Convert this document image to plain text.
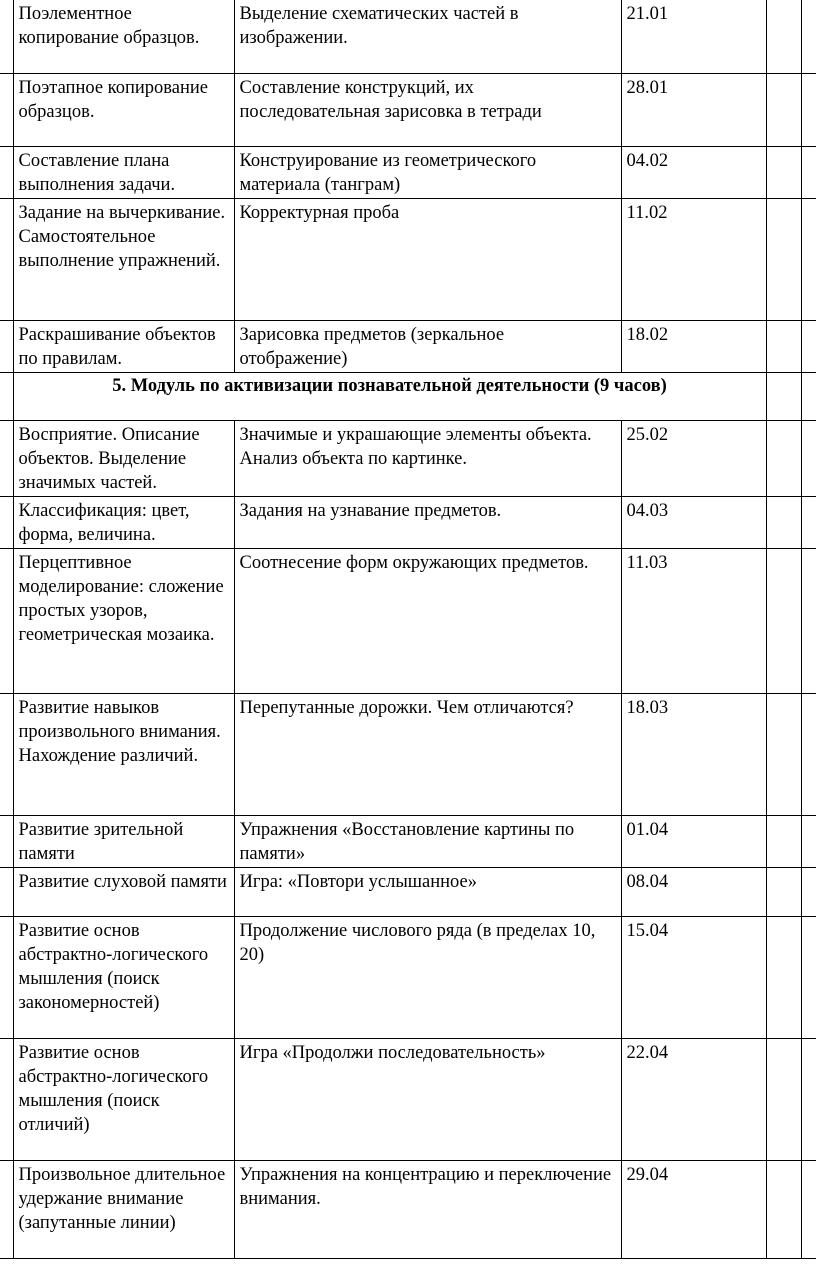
	Поэлементное копирование образцов.	Выделение схематических частей в изображении.	21.01		
	Поэтапное копирование образцов.	Составление конструкций, их последовательная зарисовка в тетради	28.01		
	Составление плана выполнения задачи.	Конструирование из геометрического материала (танграм)	04.02		
	Задание на вычеркивание. Самостоятельное выполнение упражнений.	Корректурная проба	11.02		
	Раскрашивание объектов по правилам.	Зарисовка предметов (зеркальное отображение)	18.02		
	5. Модуль по активизации познавательной деятельности (9 часов)				
	Восприятие. Описание объектов. Выделение значимых частей.	Значимые и украшающие элементы объекта. Анализ объекта по картинке.	25.02		
	Классификация: цвет, форма, величина.	Задания на узнавание предметов.	04.03		
	Перцептивное моделирование: сложение простых узоров, геометрическая мозаика.	Соотнесение форм окружающих предметов.	11.03		
	Развитие навыков произвольного внимания. Нахождение различий.	Перепутанные дорожки. Чем отличаются?	18.03		
	Развитие зрительной памяти	Упражнения «Восстановление картины по памяти»	01.04		
	Развитие слуховой памяти	Игра: «Повтори услышанное»	08.04		
	Развитие основ абстрактно-логического мышления (поиск закономерностей)	Продолжение числового ряда (в пределах 10, 20)	15.04		
	Развитие основ абстрактно-логического мышления (поиск отличий)	Игра «Продолжи последовательность»	22.04		
	Произвольное длительное удержание внимание (запутанные линии)	Упражнения на концентрацию и переключение внимания.	29.04		
